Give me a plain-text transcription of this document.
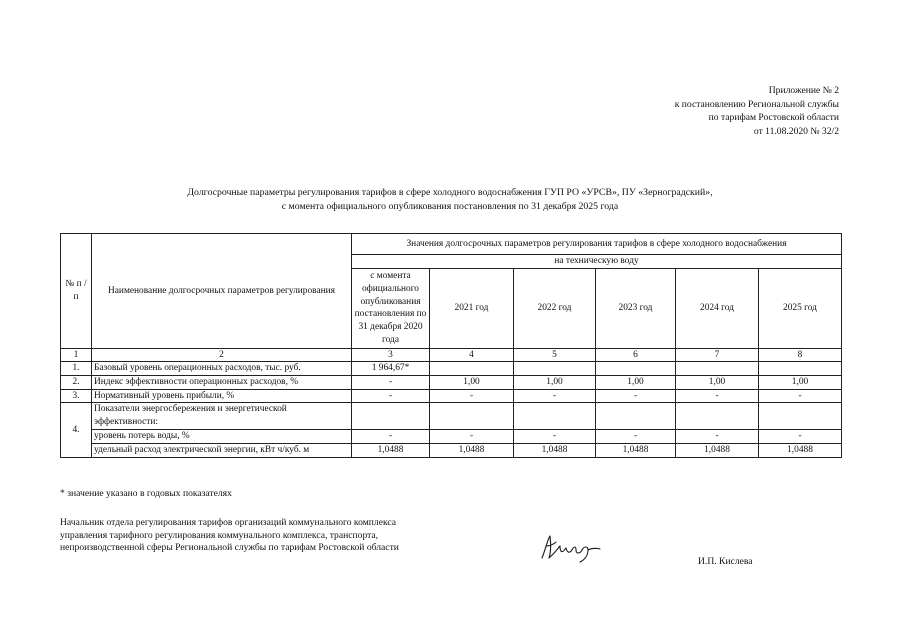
Приложение № 2
к постановлению Региональной службы
по тарифам Ростовской области
от 11.08.2020 № 32/2
Долгосрочные параметры регулирования тарифов в сфере холодного водоснабжения ГУП РО «УРСВ», ПУ «Зерноградский»,
с момента официального опубликования постановления по 31 декабря 2025 года
№ п /п	Наименование долгосрочных параметров регулирования	Значения долгосрочных параметров регулирования тарифов в сфере холодного водоснабжения					
		на техническую воду					
		с момента официального опубликования постановления по 31 декабря 2020 года	2021 год	2022 год	2023 год	2024 год	2025 год
1	2	3	4	5	6	7	8
1.	Базовый уровень операционных расходов, тыс. руб.	1 964,67*					
2.	Индекс эффективности операционных расходов, %	-	1,00	1,00	1,00	1,00	1,00
3.	Нормативный уровень прибыли, %	-	-	-	-	-	-
4.	Показатели энергосбережения и энергетической эффективности:						
	уровень потерь воды, %	-	-	-	-	-	-
	удельный расход электрической энергии, кВт ч/куб. м	1,0488	1,0488	1,0488	1,0488	1,0488	1,0488
* значение указано в годовых показателях
Начальник отдела регулирования тарифов организаций коммунального комплекса управления тарифного регулирования коммунального комплекса, транспорта, непроизводственной сферы Региональной службы по тарифам Ростовской области
И.П. Кислева
